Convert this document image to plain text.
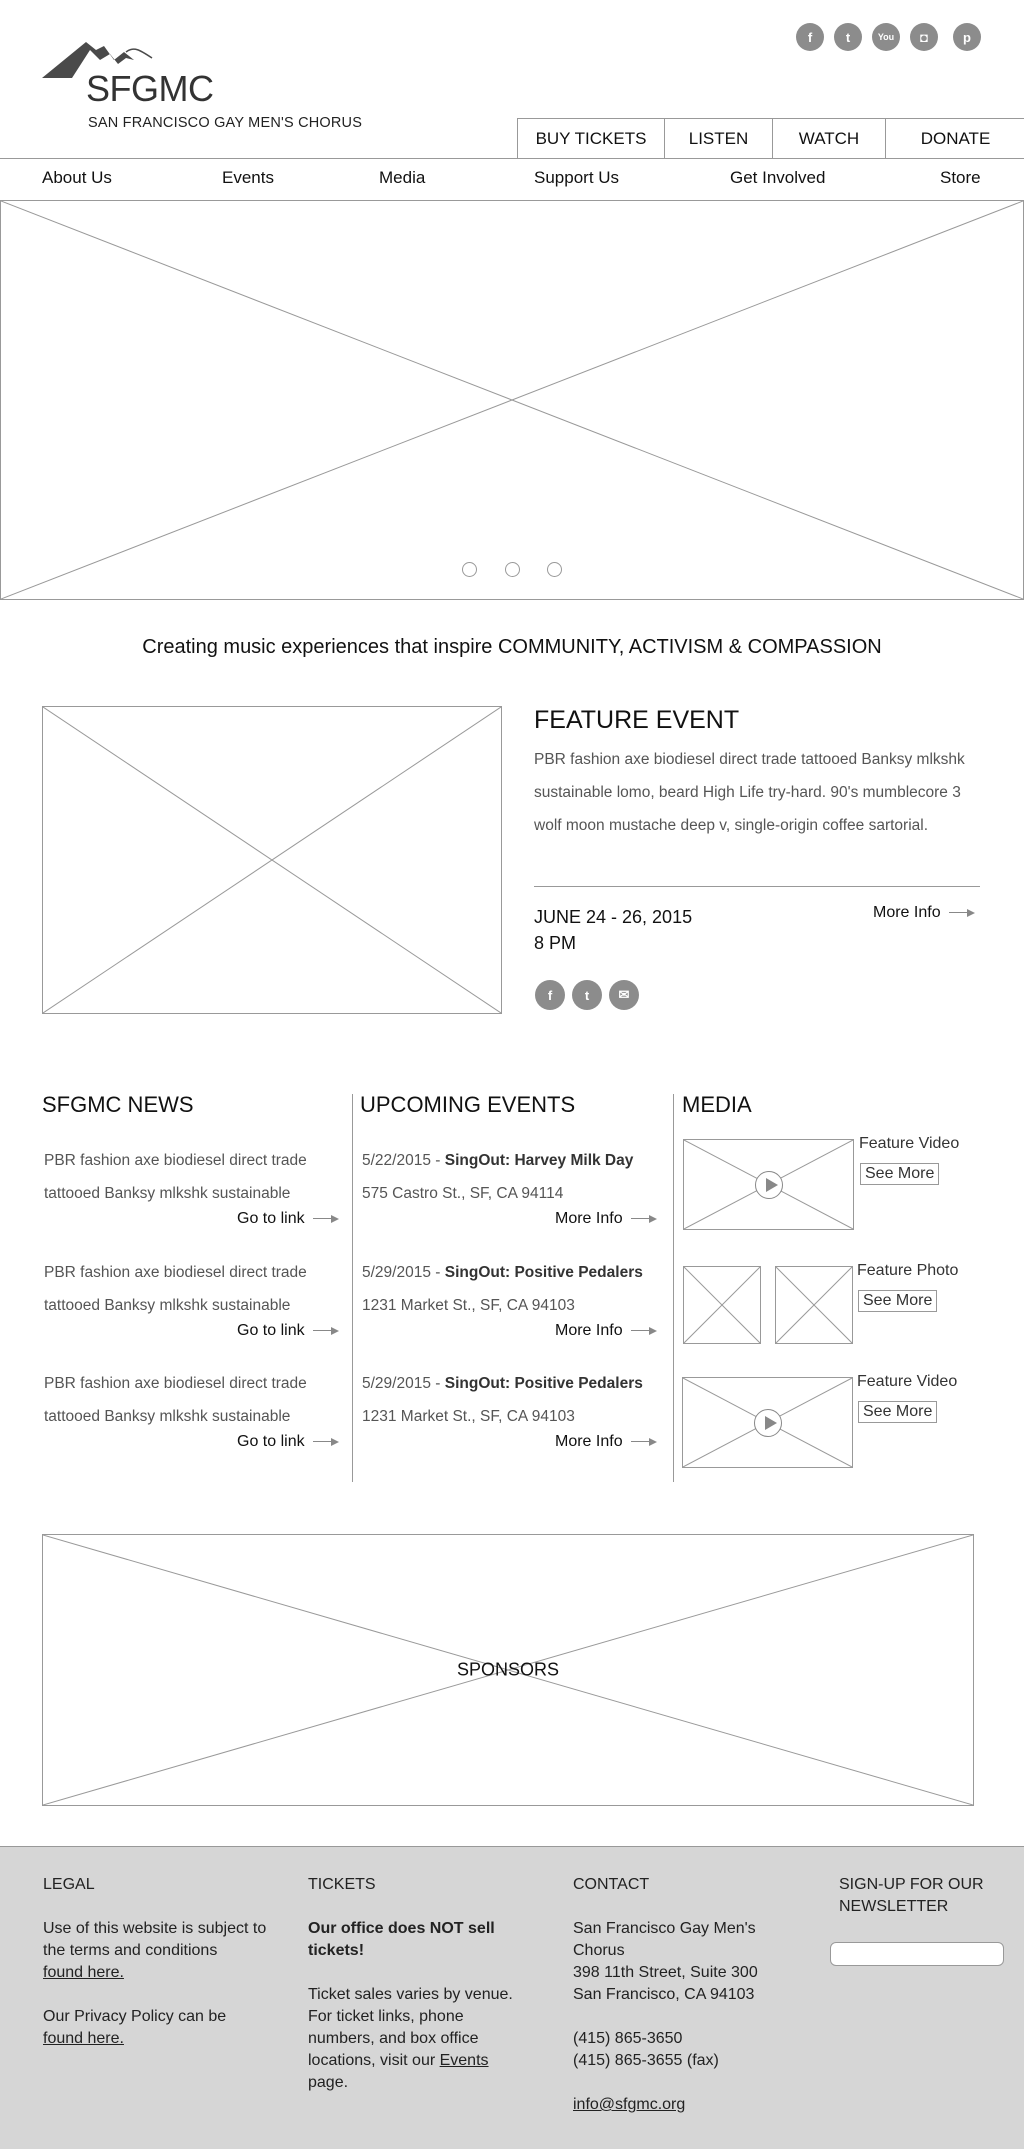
SFGMC
SAN FRANCISCO GAY MEN'S CHORUS
f	t	You ◘	p
BUY TICKETS	LISTEN	WATCH	DONATE
About Us	Events	Media	Support Us	Get Involved	Store
Creating music experiences that inspire COMMUNITY, ACTIVISM & COMPASSION
FEATURE EVENT
PBR fashion axe biodiesel direct trade tattooed Banksy mlkshk sustainable lomo, beard High Life try-hard. 90's mumblecore 3 wolf moon mustache deep v, single-origin coffee sartorial.
JUNE 24 - 26, 2015
8 PM
More Info
f	t	✉
SFGMC NEWS	UPCOMING EVENTS	MEDIA
PBR fashion axe biodiesel direct trade tattooed Banksy mlkshk sustainable
Go to link
PBR fashion axe biodiesel direct trade tattooed Banksy mlkshk sustainable
Go to link
PBR fashion axe biodiesel direct trade tattooed Banksy mlkshk sustainable
Go to link
5/22/2015 - SingOut: Harvey Milk Day
575 Castro St., SF, CA 94114
More Info
5/29/2015 - SingOut: Positive Pedalers
1231 Market St., SF, CA 94103
More Info
5/29/2015 - SingOut: Positive Pedalers
1231 Market St., SF, CA 94103
More Info
Feature Video
See More
Feature Photo
See More
Feature Video
See More
SPONSORS
LEGAL
Use of this website is subject to the terms and conditions
found here.

Our Privacy Policy can be
found here.
TICKETS
Our office does NOT sell tickets!

Ticket sales varies by venue. For ticket links, phone numbers, and box office locations, visit our Events page.
CONTACT
San Francisco Gay Men's Chorus
398 11th Street, Suite 300
San Francisco, CA 94103

(415) 865-3650
(415) 865-3655 (fax)

info@sfgmc.org
SIGN-UP FOR OUR NEWSLETTER
